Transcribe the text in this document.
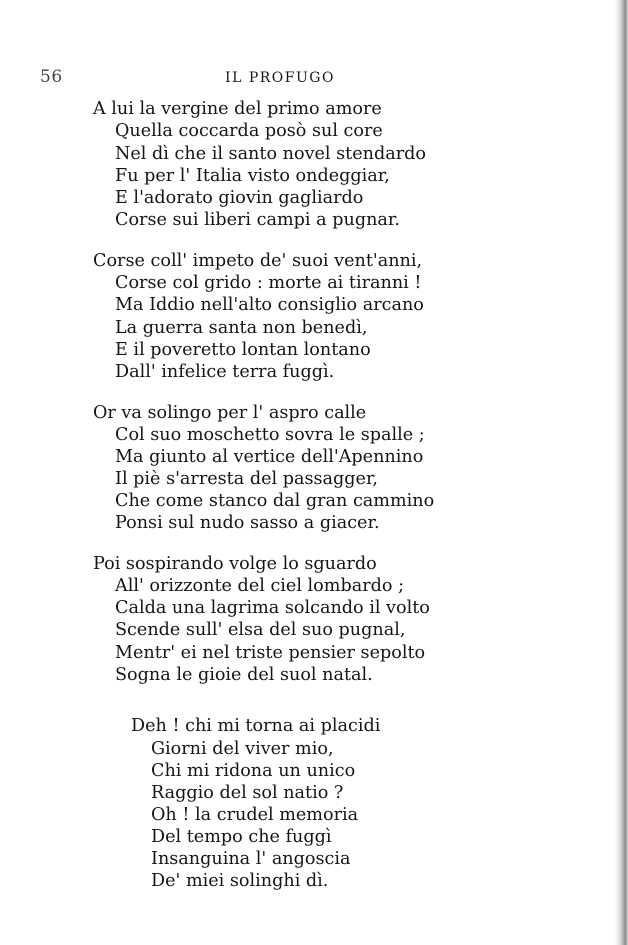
56	IL PROFUGO
A lui la vergine del primo amore
Quella coccarda posò sul core
Nel dì che il santo novel stendardo
Fu per l' Italia visto ondeggiar,
E l'adorato giovin gagliardo
Corse sui liberi campi a pugnar.
Corse coll' impeto de' suoi vent'anni,
Corse col grido : morte ai tiranni !
Ma Iddio nell'alto consiglio arcano
La guerra santa non benedì,
E il poveretto lontan lontano
Dall' infelice terra fuggì.
Or va solingo per l' aspro calle
Col suo moschetto sovra le spalle ;
Ma giunto al vertice dell'Apennino
Il piè s'arresta del passagger,
Che come stanco dal gran cammino
Ponsi sul nudo sasso a giacer.
Poi sospirando volge lo sguardo
All' orizzonte del ciel lombardo ;
Calda una lagrima solcando il volto
Scende sull' elsa del suo pugnal,
Mentr' ei nel triste pensier sepolto
Sogna le gioie del suol natal.
Deh ! chi mi torna ai placidi
Giorni del viver mio,
Chi mi ridona un unico
Raggio del sol natio ?
Oh ! la crudel memoria
Del tempo che fuggì
Insanguina l' angoscia
De' miei solinghi dì.
